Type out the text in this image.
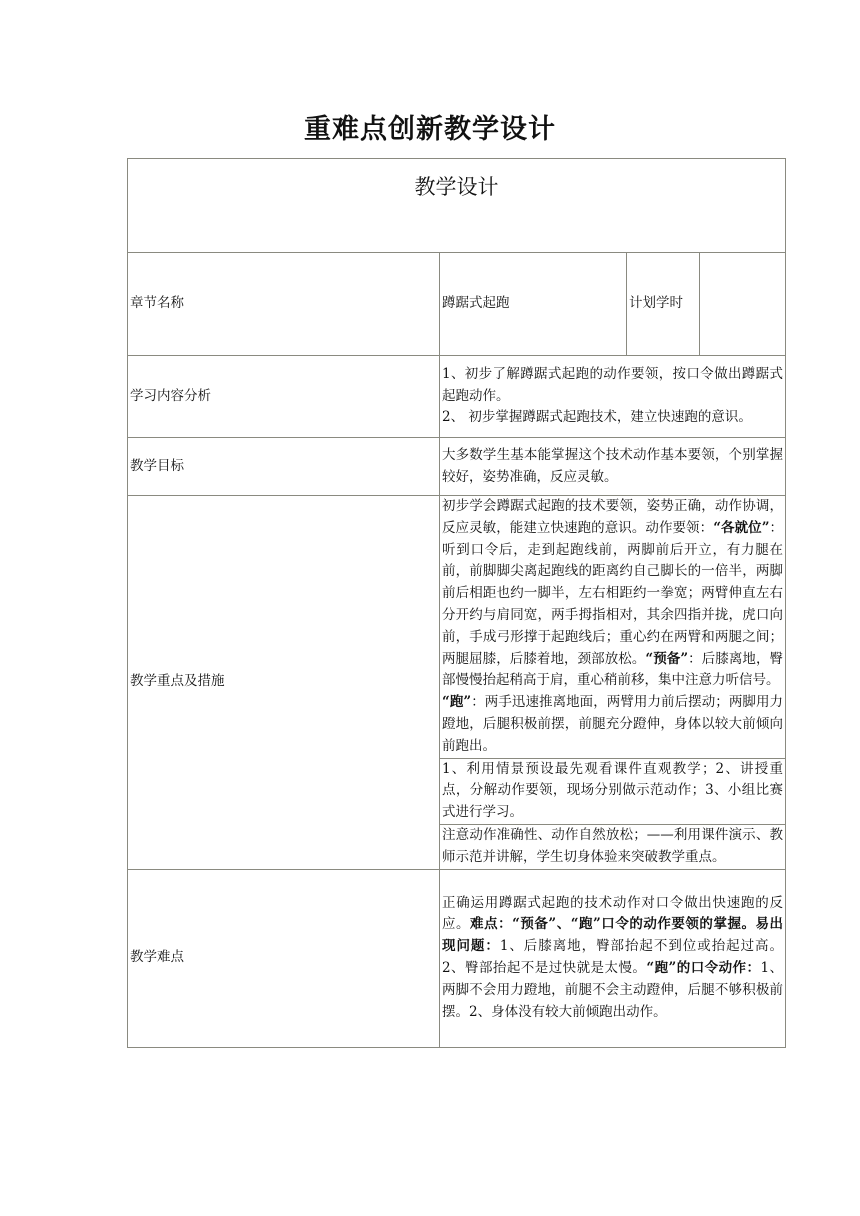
重难点创新教学设计
教学设计			
章节名称	蹲踞式起跑	计划学时	
学习内容分析	1、初步了解蹲踞式起跑的动作要领，按口令做出蹲踞式起跑动作。
2、 初步掌握蹲踞式起跑技术，建立快速跑的意识。		

教学目标	大多数学生基本能掌握这个技术动作基本要领，个别掌握较好，姿势准确，反应灵敏。		
教学重点及措施	初步学会蹲踞式起跑的技术要领，姿势正确，动作协调，反应灵敏，能建立快速跑的意识。动作要领：“各就位”：听到口令后，走到起跑线前，两脚前后开立，有力腿在前，前脚脚尖离起跑线的距离约自己脚长的一倍半，两脚前后相距也约一脚半，左右相距约一拳宽；两臂伸直左右分开约与肩同宽，两手拇指相对，其余四指并拢，虎口向前，手成弓形撑于起跑线后；重心约在两臂和两腿之间；两腿屈膝，后膝着地，颈部放松。“预备”：后膝离地，臀部慢慢抬起稍高于肩，重心稍前移，集中注意力听信号。
“跑”：两手迅速推离地面，两臂用力前后摆动；两脚用力蹬地，后腿积极前摆，前腿充分蹬伸，身体以较大前倾向前跑出。		
	1、利用情景预设最先观看课件直观教学；2、讲授重点，分解动作要领，现场分别做示范动作；3、小组比赛式进行学习。		
	注意动作准确性、动作自然放松；——利用课件演示、教师示范并讲解，学生切身体验来突破教学重点。		
教学难点	正确运用蹲踞式起跑的技术动作对口令做出快速跑的反应。难点：“预备”、“跑”口令的动作要领的掌握。易出现问题：1、后膝离地，臀部抬起不到位或抬起过高。2、臀部抬起不是过快就是太慢。“跑”的口令动作：1、两脚不会用力蹬地，前腿不会主动蹬伸，后腿不够积极前摆。2、身体没有较大前倾跑出动作。		
